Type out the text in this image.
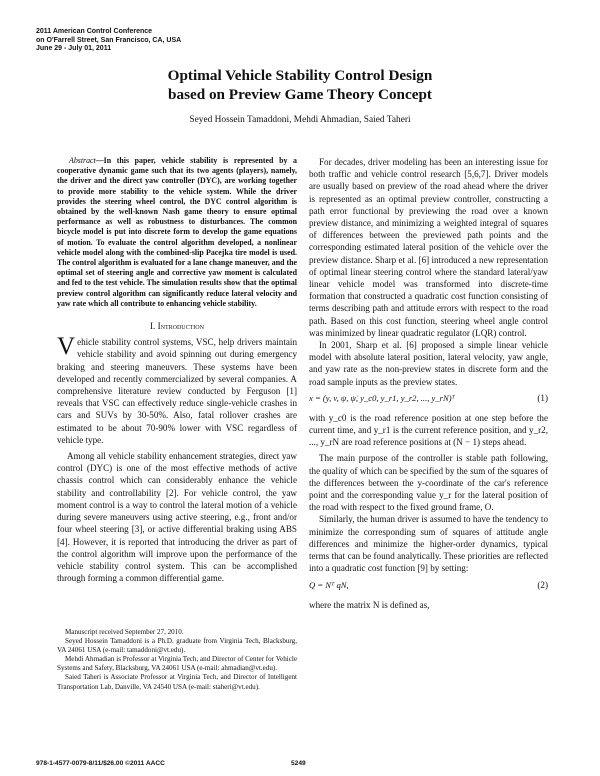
2011 American Control Conference
on O'Farrell Street, San Francisco, CA, USA
June 29 - July 01, 2011
Optimal Vehicle Stability Control Design
based on Preview Game Theory Concept
Seyed Hossein Tamaddoni, Mehdi Ahmadian, Saied Taheri

Abstract—In this paper, vehicle stability is represented by a cooperative dynamic game such that its two agents (players), namely, the driver and the direct yaw controller (DYC), are working together to provide more stability to the vehicle system. While the driver provides the steering wheel control, the DYC control algorithm is obtained by the well-known Nash game theory to ensure optimal performance as well as robustness to disturbances. The common bicycle model is put into discrete form to develop the game equations of motion. To evaluate the control algorithm developed, a nonlinear vehicle model along with the combined-slip Pacejka tire model is used. The control algorithm is evaluated for a lane change maneuver, and the optimal set of steering angle and corrective yaw moment is calculated and fed to the test vehicle. The simulation results show that the optimal preview control algorithm can significantly reduce lateral velocity and yaw rate which all contribute to enhancing vehicle stability.

I. Introduction

Vehicle stability control systems, VSC, help drivers maintain vehicle stability and avoid spinning out during emergency braking and steering maneuvers. These systems have been developed and recently commercialized by several companies. A comprehensive literature review conducted by Ferguson [1] reveals that VSC can effectively reduce single-vehicle crashes in cars and SUVs by 30-50%. Also, fatal rollover crashes are estimated to be about 70-90% lower with VSC regardless of vehicle type.

Among all vehicle stability enhancement strategies, direct yaw control (DYC) is one of the most effective methods of active chassis control which can considerably enhance the vehicle stability and controllability [2]. For vehicle control, the yaw moment control is a way to control the lateral motion of a vehicle during severe maneuvers using active steering, e.g., front and/or four wheel steering [3], or active differential braking using ABS [4]. However, it is reported that introducing the driver as part of the control algorithm will improve upon the performance of the vehicle stability control system. This can be accomplished through forming a common differential game.

Manuscript received September 27, 2010.

Seyed Hossein Tamaddoni is a Ph.D. graduate from Virginia Tech, Blacksburg, VA 24061 USA (e-mail: tamaddoni@vt.edu).

Mehdi Ahmadian is Professor at Virginia Tech, and Director of Center for Vehicle Systems and Safety, Blacksburg, VA 24061 USA (e-mail: ahmadian@vt.edu).

Saied Taheri is Associate Professor at Virginia Tech, and Director of Intelligent Transportation Lab, Danville, VA 24540 USA (e-mail: staheri@vt.edu).

For decades, driver modeling has been an interesting issue for both traffic and vehicle control research [5,6,7]. Driver models are usually based on preview of the road ahead where the driver is represented as an optimal preview controller, constructing a path error functional by previewing the road over a known preview distance, and minimizing a weighted integral of squares of differences between the previewed path points and the corresponding estimated lateral position of the vehicle over the preview distance. Sharp et al. [6] introduced a new representation of optimal linear steering control where the standard lateral/yaw linear vehicle model was transformed into discrete-time formation that constructed a quadratic cost function consisting of terms describing path and attitude errors with respect to the road path. Based on this cost function, steering wheel angle control was minimized by linear quadratic regulator (LQR) control.

In 2001, Sharp et al. [6] proposed a simple linear vehicle model with absolute lateral position, lateral velocity, yaw angle, and yaw rate as the non-preview states in discrete form and the road sample inputs as the preview states.

x = (y, v, ψ, ψ̇, y_c0, y_r1, y_r2, ..., y_rN)ᵀ	(1)

with y_c0 is the road reference position at one step before the current time, and y_r1 is the current reference position, and y_r2, ..., y_rN are road reference positions at (N − 1) steps ahead.

The main purpose of the controller is stable path following, the quality of which can be specified by the sum of the squares of the differences between the y-coordinate of the car's reference point and the corresponding value y_r for the lateral position of the road with respect to the fixed ground frame, O.

Similarly, the human driver is assumed to have the tendency to minimize the corresponding sum of squares of attitude angle differences and minimize the higher-order dynamics, typical terms that can be found analytically. These priorities are reflected into a quadratic cost function [9] by setting:

Q = Nᵀ qN,	(2)

where the matrix N is defined as,

978-1-4577-0079-8/11/$26.00 ©2011 AACC	5249
